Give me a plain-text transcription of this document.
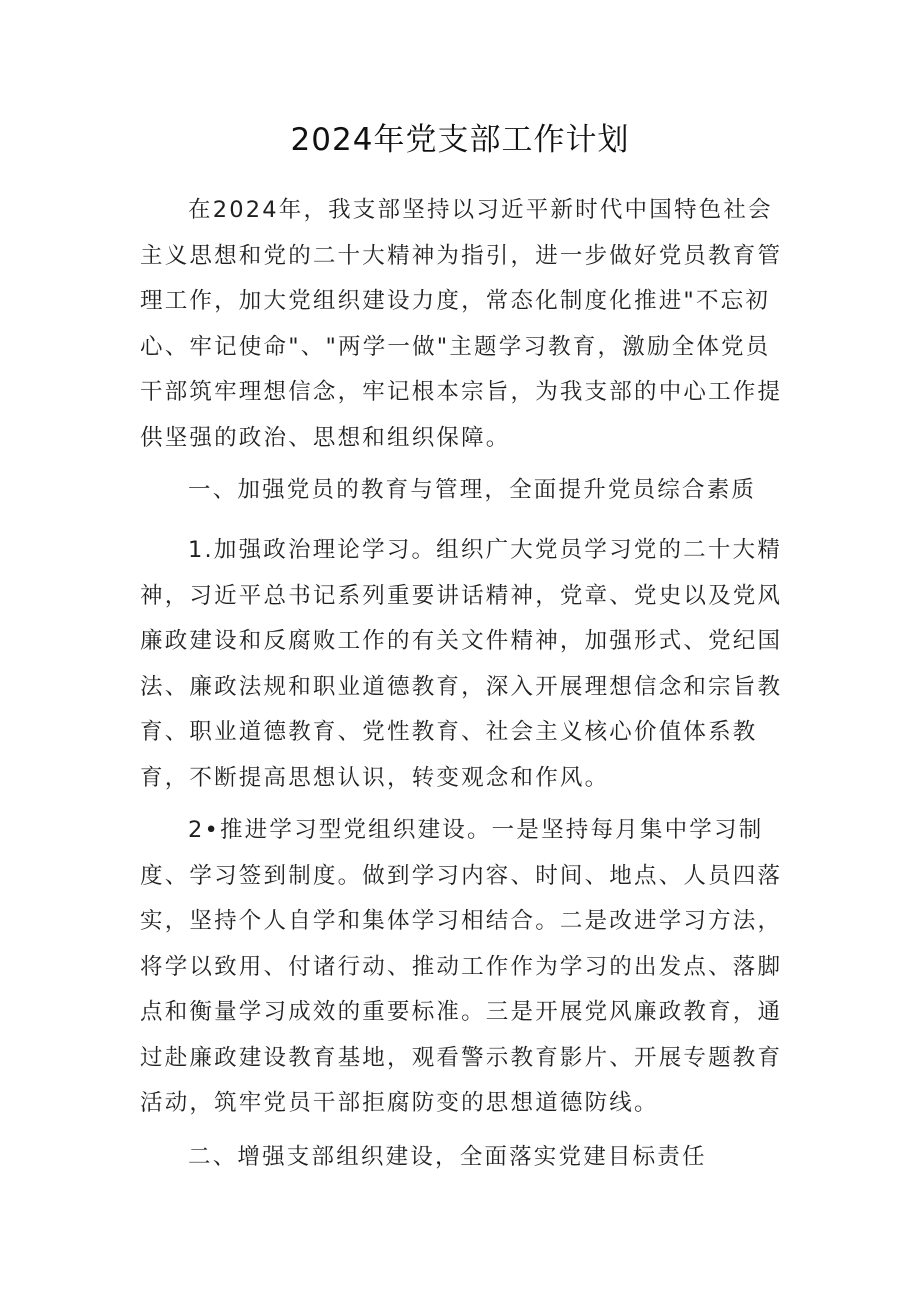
2024年党支部工作计划

在2024年，我支部坚持以习近平新时代中国特色社会主义思想和党的二十大精神为指引，进一步做好党员教育管理工作，加大党组织建设力度，常态化制度化推进"不忘初心、牢记使命"、"两学一做"主题学习教育，激励全体党员干部筑牢理想信念，牢记根本宗旨，为我支部的中心工作提供坚强的政治、思想和组织保障。

一、加强党员的教育与管理，全面提升党员综合素质

1.加强政治理论学习。组织广大党员学习党的二十大精神，习近平总书记系列重要讲话精神，党章、党史以及党风廉政建设和反腐败工作的有关文件精神，加强形式、党纪国法、廉政法规和职业道德教育，深入开展理想信念和宗旨教育、职业道德教育、党性教育、社会主义核心价值体系教育，不断提高思想认识，转变观念和作风。

2•推进学习型党组织建设。一是坚持每月集中学习制度、学习签到制度。做到学习内容、时间、地点、人员四落实，坚持个人自学和集体学习相结合。二是改进学习方法，将学以致用、付诸行动、推动工作作为学习的出发点、落脚点和衡量学习成效的重要标准。三是开展党风廉政教育，通过赴廉政建设教育基地，观看警示教育影片、开展专题教育活动，筑牢党员干部拒腐防变的思想道德防线。

二、增强支部组织建设，全面落实党建目标责任
